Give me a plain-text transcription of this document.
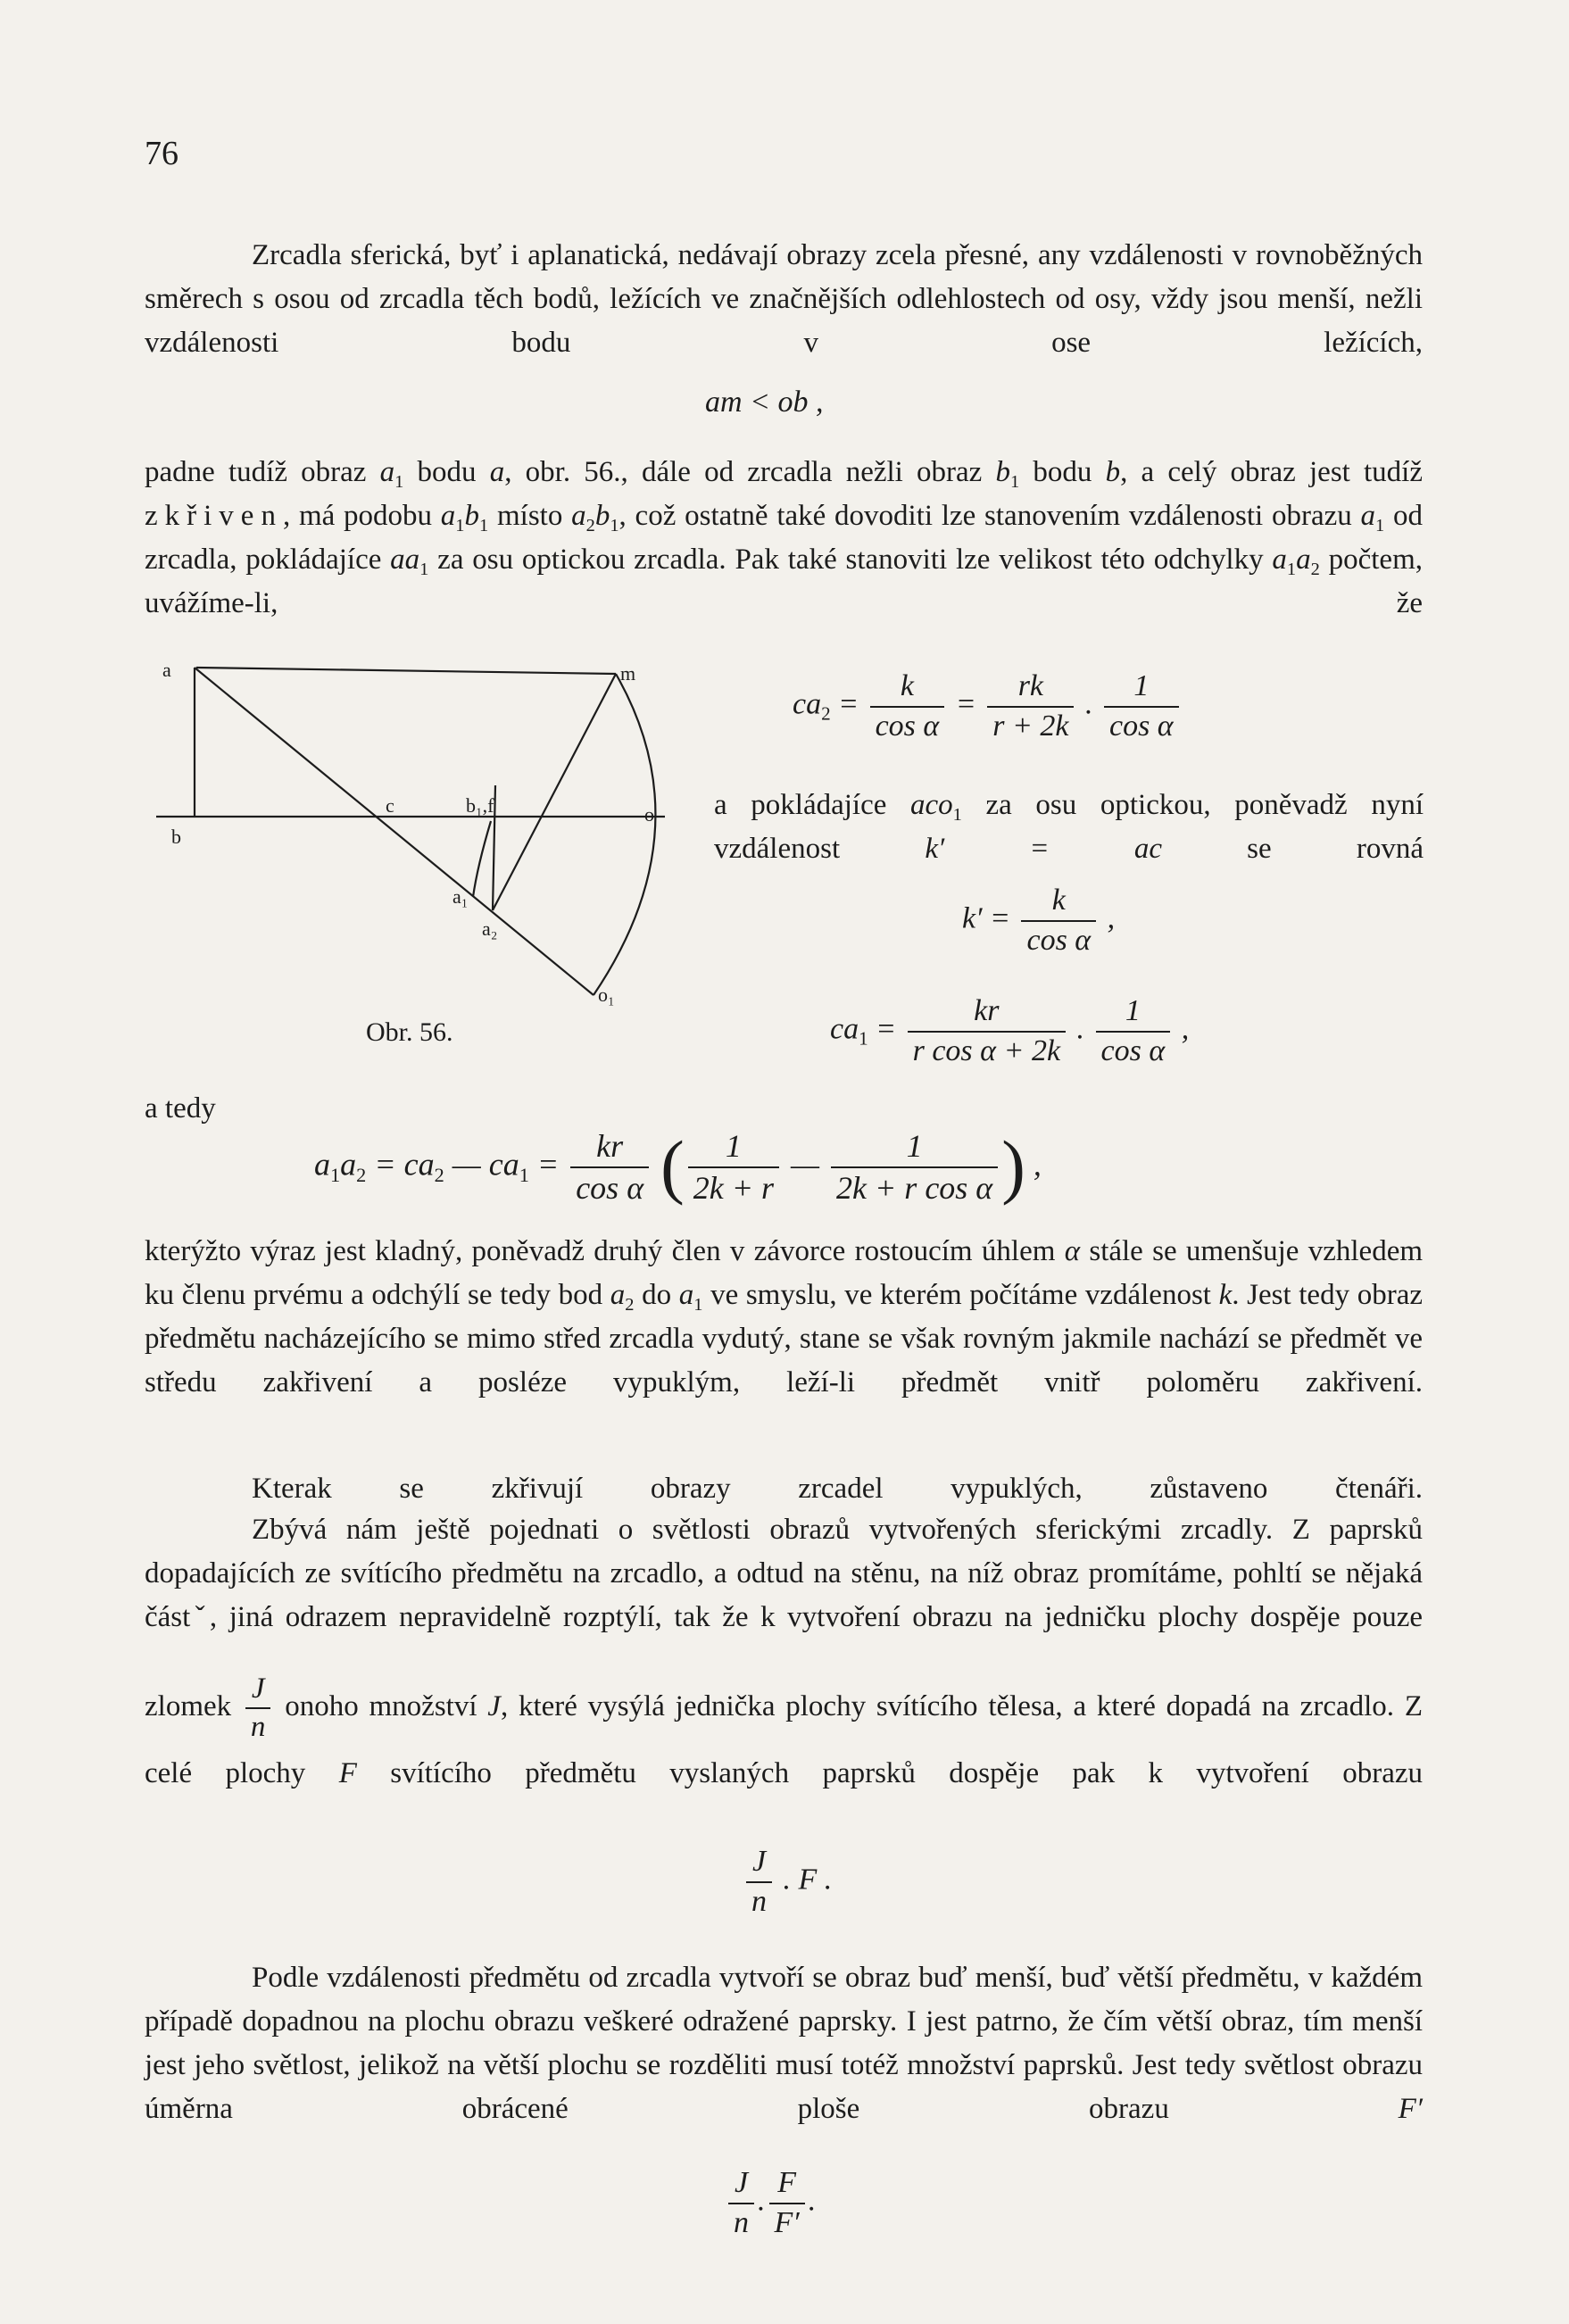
76

Zrcadla sferická, byť i aplanatická, nedávají obrazy zcela přesné, any vzdálenosti v rovnoběžných směrech s osou od zrcadla těch bodů, ležících ve značnějších odlehlostech od osy, vždy jsou menší, nežli vzdálenosti bodu v ose ležících,

am < ob ,

padne tudíž obraz $a_1$ bodu a, obr. 56., dále od zrcadla nežli obraz $b_1$ bodu b, a celý obraz jest tudíž zkřiven, má podobu $a_1b_1$ místo $a_2b_1$, což ostatně také dovoditi lze stanovením vzdálenosti obrazu $a_1$ od zrcadla, pokládajíce $aa_1$ za osu optickou zrcadla. Pak také stanoviti lze velikost této odchylky $a_1a_2$ počtem, uvážíme-li, že

a	m
b
c	b₁,f	o
a₁
a₂
o₁
Obr. 56.
$ca_2 = \frac{k}{\text{cos α}} = \frac{rk}{r + 2k}$ . $\frac{1}{\text{cos α}}$

a pokládajíce aco$_1$ za osu optickou, poněvadž nyní vzdálenost k′ = ac se rovná

$k' = \frac{k}{\text{cos α}}$ ,
$ca_1 = \frac{kr}{\text{r cos α + 2k}}$ . $\frac{1}{\text{cos α}}$ ,
a tedy
$a_1a_2 = ca_2$ — $ca_1 = \frac{kr}{\text{cos α}}$ ( $\frac{1}{2k + r}$ — $\frac{1}{\text{2k + r cos α}}$ ) ,

kterýžto výraz jest kladný, poněvadž druhý člen v závorce rostoucím úhlem α stále se umenšuje vzhledem ku členu prvému a odchýlí se tedy bod $a_2$ do $a_1$ ve smyslu, ve kterém počítáme vzdálenost k. Jest tedy obraz předmětu nacházejícího se mimo střed zrcadla vydutý, stane se však rovným jakmile nachází se předmět ve středu zakřivení a posléze vypuklým, leží-li předmět vnitř poloměru zakřivení.

Kterak se zkřivují obrazy zrcadel vypuklých, zůstaveno čtenáři.

Zbývá nám ještě pojednati o světlosti obrazů vytvořených sferickými zrcadly. Z paprsků dopadajících ze svítícího předmětu na zrcadlo, a odtud na stěnu, na níž obraz promítáme, pohltí se nějaká částˇ, jiná odrazem nepravidelně rozptýlí, tak že k vytvoření obrazu na jedničku plochy dospěje pouze

zlomek $\frac{J}{n}$ onoho množství J, které vysýlá jednička plochy svítícího tělesa, a které dopadá na zrcadlo. Z celé plochy F svítícího předmětu vyslaných paprsků dospěje pak k vytvoření obrazu

$\frac{J}{n}$ . F .

Podle vzdálenosti předmětu od zrcadla vytvoří se obraz buď menší, buď větší předmětu, v každém případě dopadnou na plochu obrazu veškeré odražené paprsky. I jest patrno, že čím větší obraz, tím menší jest jeho světlost, jelikož na větší plochu se rozděliti musí totéž množství paprsků. Jest tedy světlost obrazu úměrna obrácené ploše obrazu F′

$\frac{J}{n}$ . $\frac{F}{F'}$ .
